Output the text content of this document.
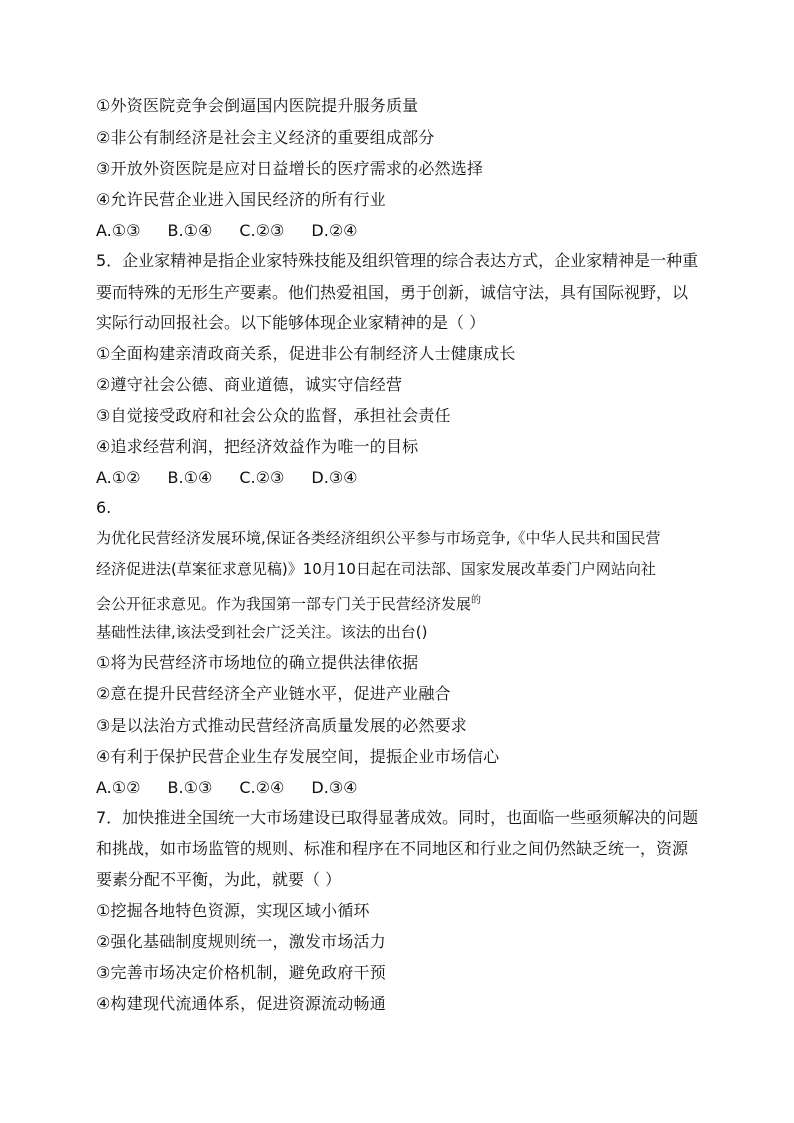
①外资医院竞争会倒逼国内医院提升服务质量
②非公有制经济是社会主义经济的重要组成部分
③开放外资医院是应对日益增长的医疗需求的必然选择
④允许民营企业进入国民经济的所有行业
A.①③ B.①④ C.②③ D.②④
5．企业家精神是指企业家特殊技能及组织管理的综合表达方式，企业家精神是一种重
要而特殊的无形生产要素。他们热爱祖国，勇于创新，诚信守法，具有国际视野，以
实际行动回报社会。以下能够体现企业家精神的是（ ）
①全面构建亲清政商关系，促进非公有制经济人士健康成长
②遵守社会公德、商业道德，诚实守信经营
③自觉接受政府和社会公众的监督，承担社会责任
④追求经营利润，把经济效益作为唯一的目标
A.①② B.①④ C.②③ D.③④
6.
为优化民营经济发展环境,保证各类经济组织公平参与市场竞争,《中华人民共和国民营
经济促进法(草案征求意见稿)》10月10日起在司法部、国家发展改革委门户网站向社
会公开征求意见。作为我国第一部专门关于民营经济发展$^的$
基础性法律,该法受到社会广泛关注。该法的出台()
①将为民营经济市场地位的确立提供法律依据
②意在提升民营经济全产业链水平，促进产业融合
③是以法治方式推动民营经济高质量发展的必然要求
④有利于保护民营企业生存发展空间，提振企业市场信心
A.①② B.①③ C.②④ D.③④
7．加快推进全国统一大市场建设已取得显著成效。同时，也面临一些亟须解决的问题
和挑战，如市场监管的规则、标准和程序在不同地区和行业之间仍然缺乏统一，资源
要素分配不平衡，为此，就要（ ）
①挖掘各地特色资源，实现区域小循环
②强化基础制度规则统一，激发市场活力
③完善市场决定价格机制，避免政府干预
④构建现代流通体系，促进资源流动畅通
